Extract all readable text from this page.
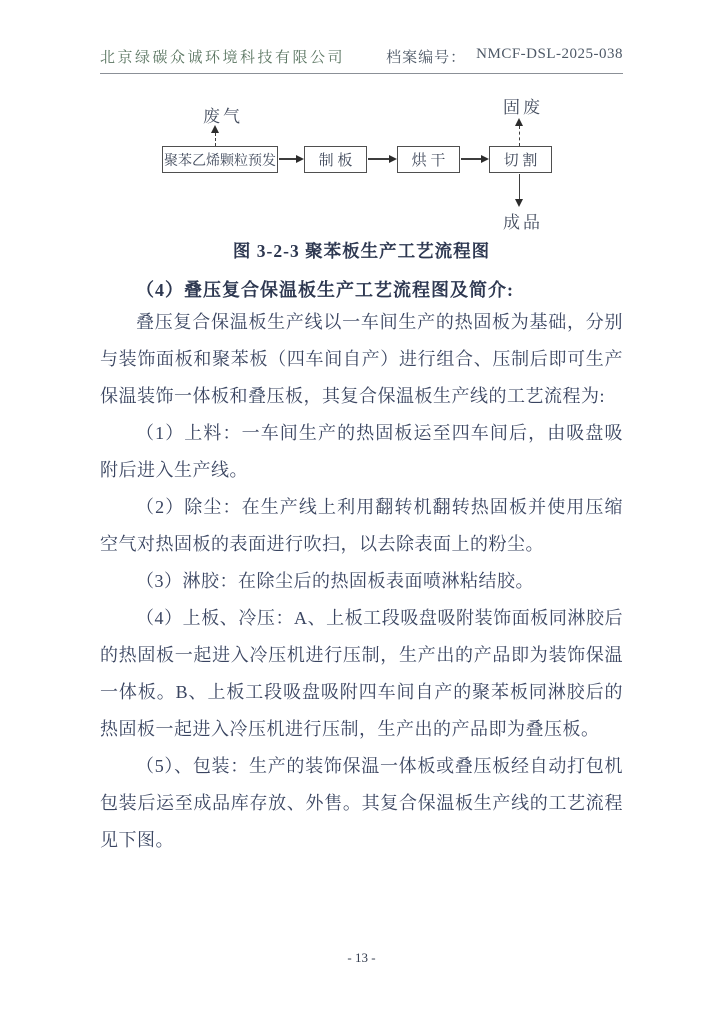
北京绿碳众诚环境科技有限公司	档案编号： NMCF-DSL-2025-038
废气	固废
成品
聚苯乙烯颗粒预发	制 板	烘 干	切 割
图 3-2-3 聚苯板生产工艺流程图
（4）叠压复合保温板生产工艺流程图及简介:

叠压复合保温板生产线以一车间生产的热固板为基础，分别与装饰面板和聚苯板（四车间自产）进行组合、压制后即可生产保温装饰一体板和叠压板，其复合保温板生产线的工艺流程为:

（1）上料：一车间生产的热固板运至四车间后，由吸盘吸附后进入生产线。

（2）除尘：在生产线上利用翻转机翻转热固板并使用压缩空气对热固板的表面进行吹扫，以去除表面上的粉尘。

（3）淋胶：在除尘后的热固板表面喷淋粘结胶。

（4）上板、冷压：A、上板工段吸盘吸附装饰面板同淋胶后的热固板一起进入冷压机进行压制，生产出的产品即为装饰保温一体板。B、上板工段吸盘吸附四车间自产的聚苯板同淋胶后的热固板一起进入冷压机进行压制，生产出的产品即为叠压板。

（5）、包装：生产的装饰保温一体板或叠压板经自动打包机包装后运至成品库存放、外售。其复合保温板生产线的工艺流程见下图。

- 13 -
